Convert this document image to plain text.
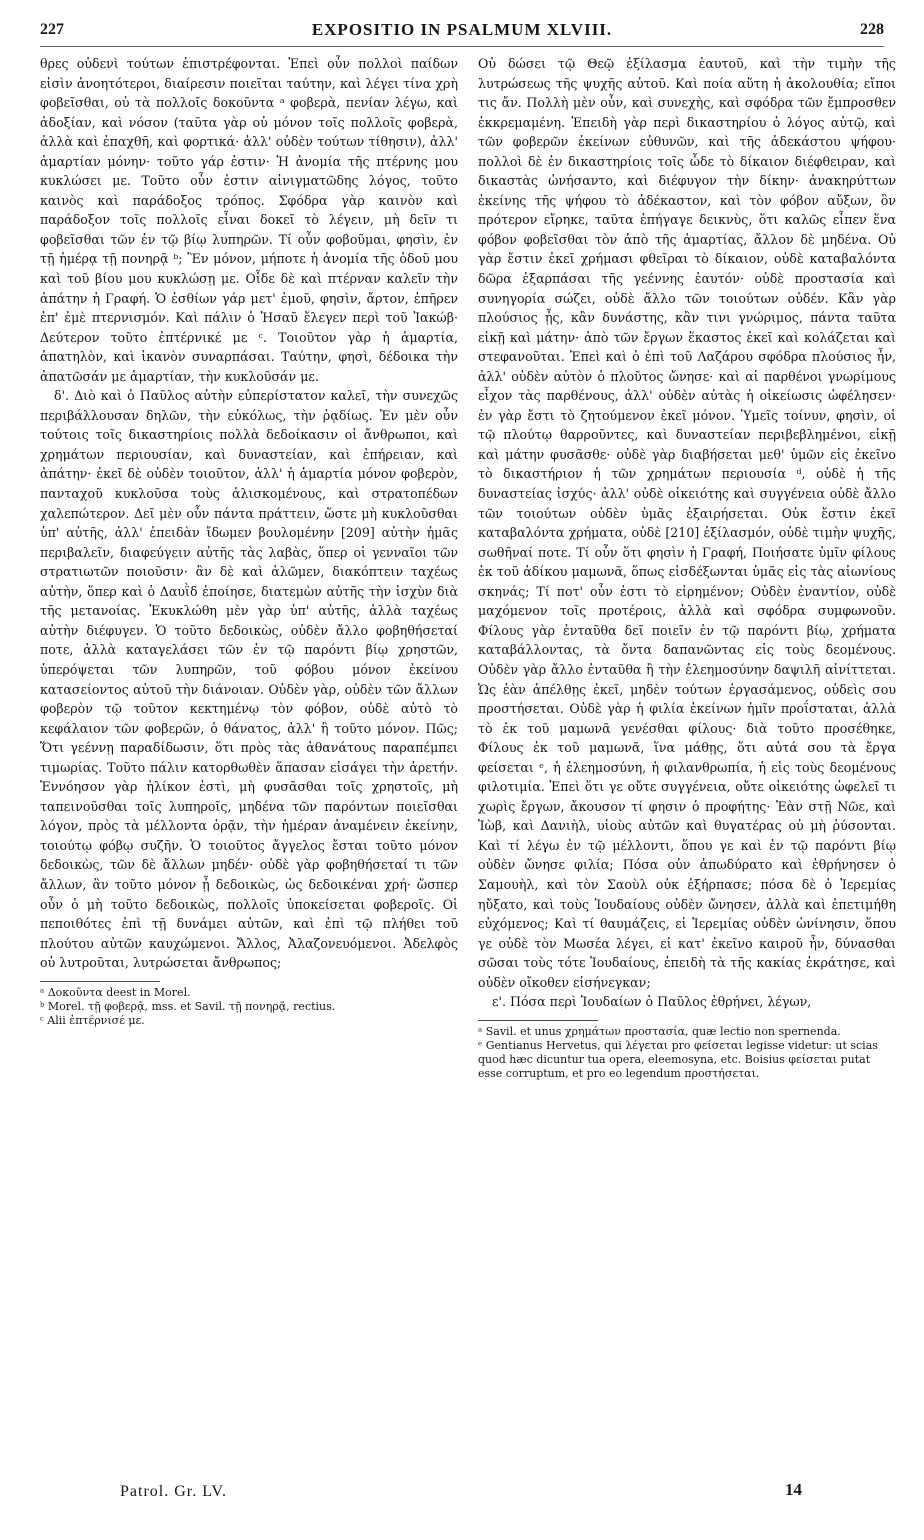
227	EXPOSITIO IN PSALMUM XLVIII.	228

θρες οὐδενὶ τούτων ἐπιστρέφονται. Ἐπεὶ οὖν πολλοὶ παίδων εἰσὶν ἀνοητότεροι, διαίρεσιν ποιεῖται ταύτην, καὶ λέγει τίνα χρὴ φοβεῖσθαι, οὐ τὰ πολλοῖς δοκοῦντα ᵃ φοβερὰ, πενίαν λέγω, καὶ ἀδοξίαν, καὶ νόσον (ταῦτα γὰρ οὐ μόνον τοῖς πολλοῖς φοβερὰ, ἀλλὰ καὶ ἐπαχθῆ, καὶ φορτικά· ἀλλ' οὐδὲν τούτων τίθησιν), ἀλλ' ἁμαρτίαν μόνην· τοῦτο γάρ ἐστιν· Ἡ ἀνομία τῆς πτέρνης μου κυκλώσει με. Τοῦτο οὖν ἐστιν αἰνιγματῶδης λόγος, τοῦτο καινὸς καὶ παράδοξος τρόπος. Σφόδρα γὰρ καινὸν καὶ παράδοξον τοῖς πολλοῖς εἶναι δοκεῖ τὸ λέγειν, μὴ δεῖν τι φοβεῖσθαι τῶν ἐν τῷ βίῳ λυπηρῶν. Τί οὖν φοβοῦμαι, φησὶν, ἐν τῇ ἡμέρᾳ τῇ πονηρᾷ ᵇ; Ἓν μόνον, μήποτε ἡ ἀνομία τῆς ὁδοῦ μου καὶ τοῦ βίου μου κυκλώσῃ με. Οἶδε δὲ καὶ πτέρναν καλεῖν τὴν ἀπάτην ἡ Γραφή. Ὁ ἐσθίων γάρ μετ' ἐμοῦ, φησὶν, ἄρτον, ἐπῆρεν ἐπ' ἐμὲ πτερνισμόν. Καὶ πάλιν ὁ Ἠσαῦ ἔλεγεν περὶ τοῦ Ἰακώβ· Δεύτερον τοῦτο ἐπτέρνικέ με ᶜ. Τοιοῦτον γὰρ ἡ ἁμαρτία, ἀπατηλὸν, καὶ ἱκανὸν συναρπάσαι. Ταύτην, φησὶ, δέδοικα τὴν ἀπατῶσάν με ἁμαρτίαν, τὴν κυκλοῦσάν με.

δ'. Διὸ καὶ ὁ Παῦλος αὐτὴν εὐπερίστατον καλεῖ, τὴν συνεχῶς περιβάλλουσαν δηλῶν, τὴν εὐκόλως, τὴν ῥᾳδίως. Ἐν μὲν οὖν τούτοις τοῖς δικαστηρίοις πολλὰ δεδοίκασιν οἱ ἄνθρωποι, καὶ χρημάτων περιουσίαν, καὶ δυναστείαν, καὶ ἐπήρειαν, καὶ ἀπάτην· ἐκεῖ δὲ οὐδὲν τοιοῦτον, ἀλλ' ἡ ἁμαρτία μόνον φοβερὸν, πανταχοῦ κυκλοῦσα τοὺς ἁλισκομένους, καὶ στρατοπέδων χαλεπώτερον. Δεῖ μὲν οὖν πάντα πράττειν, ὥστε μὴ κυκλοῦσθαι ὑπ' αὐτῆς, ἀλλ' ἐπειδὰν ἴδωμεν βουλομένην [209] αὐτὴν ἡμᾶς περιβαλεῖν, διαφεύγειν αὐτῆς τὰς λαβὰς, ὅπερ οἱ γενναῖοι τῶν στρατιωτῶν ποιοῦσιν· ἂν δὲ καὶ ἁλῶμεν, διακόπτειν ταχέως αὐτὴν, ὅπερ καὶ ὁ Δαυῒδ ἐποίησε, διατεμὼν αὐτῆς τὴν ἰσχὺν διὰ τῆς μετανοίας. Ἐκυκλώθη μὲν γὰρ ὑπ' αὐτῆς, ἀλλὰ ταχέως αὐτὴν διέφυγεν. Ὁ τοῦτο δεδοικὼς, οὐδὲν ἄλλο φοβηθήσεταί ποτε, ἀλλὰ καταγελάσει τῶν ἐν τῷ παρόντι βίῳ χρηστῶν, ὑπερόψεται τῶν λυπηρῶν, τοῦ φόβου μόνον ἐκείνου κατασείοντος αὐτοῦ τὴν διάνοιαν. Οὐδὲν γὰρ, οὐδὲν τῶν ἄλλων φοβερὸν τῷ τοῦτον κεκτημένῳ τὸν φόβον, οὐδὲ αὐτὸ τὸ κεφάλαιον τῶν φοβερῶν, ὁ θάνατος, ἀλλ' ἢ τοῦτο μόνον. Πῶς; Ὅτι γεέννῃ παραδίδωσιν, ὅτι πρὸς τὰς ἀθανάτους παραπέμπει τιμωρίας. Τοῦτο πάλιν κατορθωθὲν ἅπασαν εἰσάγει τὴν ἀρετήν. Ἐννόησον γὰρ ἡλίκον ἐστὶ, μὴ φυσᾶσθαι τοῖς χρηστοῖς, μὴ ταπεινοῦσθαι τοῖς λυπηροῖς, μηδένα τῶν παρόντων ποιεῖσθαι λόγον, πρὸς τὰ μέλλοντα ὁρᾷν, τὴν ἡμέραν ἀναμένειν ἐκείνην, τοιούτῳ φόβῳ συζῆν. Ὁ τοιοῦτος ἄγγελος ἔσται τοῦτο μόνον δεδοικὼς, τῶν δὲ ἄλλων μηδέν· οὐδὲ γὰρ φοβηθήσεταί τι τῶν ἄλλων, ἂν τοῦτο μόνον ᾖ δεδοικὼς, ὡς δεδοικέναι χρή· ὥσπερ οὖν ὁ μὴ τοῦτο δεδοικὼς, πολλοῖς ὑποκείσεται φοβεροῖς. Οἱ πεποιθότες ἐπὶ τῇ δυνάμει αὐτῶν, καὶ ἐπὶ τῷ πλήθει τοῦ πλούτου αὐτῶν καυχώμενοι. Ἄλλος, Ἀλαζονευόμενοι. Ἀδελφὸς οὐ λυτροῦται, λυτρώσεται ἄνθρωπος;

ᵃ Δοκοῦντα deest in Morel.
ᵇ Morel. τῇ φοβερᾷ, mss. et Savil. τῇ πονηρᾷ, rectius.
ᶜ Alii ἐπτέρνισέ με.

Οὐ δώσει τῷ Θεῷ ἐξίλασμα ἑαυτοῦ, καὶ τὴν τιμὴν τῆς λυτρώσεως τῆς ψυχῆς αὐτοῦ. Καὶ ποία αὕτη ἡ ἀκολουθία; εἴποι τις ἄν. Πολλὴ μὲν οὖν, καὶ συνεχὴς, καὶ σφόδρα τῶν ἔμπροσθεν ἐκκρεμαμένη. Ἐπειδὴ γὰρ περὶ δικαστηρίου ὁ λόγος αὐτῷ, καὶ τῶν φοβερῶν ἐκείνων εὐθυνῶν, καὶ τῆς ἀδεκάστου ψήφου· πολλοὶ δὲ ἐν δικαστηρίοις τοῖς ὧδε τὸ δίκαιον διέφθειραν, καὶ δικαστὰς ὠνήσαντο, καὶ διέφυγον τὴν δίκην· ἀνακηρύττων ἐκείνης τῆς ψήφου τὸ ἀδέκαστον, καὶ τὸν φόβον αὔξων, ὃν πρότερον εἴρηκε, ταῦτα ἐπήγαγε δεικνὺς, ὅτι καλῶς εἶπεν ἕνα φόβον φοβεῖσθαι τὸν ἀπὸ τῆς ἁμαρτίας, ἄλλον δὲ μηδένα. Οὐ γὰρ ἔστιν ἐκεῖ χρήμασι φθεῖραι τὸ δίκαιον, οὐδὲ καταβαλόντα δῶρα ἐξαρπάσαι τῆς γεέννης ἑαυτόν· οὐδὲ προστασία καὶ συνηγορία σώζει, οὐδὲ ἄλλο τῶν τοιούτων οὐδέν. Κἂν γὰρ πλούσιος ᾖς, κἂν δυνάστης, κἂν τινι γνώριμος, πάντα ταῦτα εἰκῇ καὶ μάτην· ἀπὸ τῶν ἔργων ἕκαστος ἐκεῖ καὶ κολάζεται καὶ στεφανοῦται. Ἐπεὶ καὶ ὁ ἐπὶ τοῦ Λαζάρου σφόδρα πλούσιος ἦν, ἀλλ' οὐδὲν αὐτὸν ὁ πλοῦτος ὤνησε· καὶ αἱ παρθένοι γνωρίμους εἶχον τὰς παρθένους, ἀλλ' οὐδὲν αὐτὰς ἡ οἰκείωσις ὠφέλησεν· ἐν γὰρ ἔστι τὸ ζητούμενον ἐκεῖ μόνον. Ὑμεῖς τοίνυν, φησὶν, οἱ τῷ πλούτῳ θαρροῦντες, καὶ δυναστείαν περιβεβλημένοι, εἰκῇ καὶ μάτην φυσᾶσθε· οὐδὲ γὰρ διαβήσεται μεθ' ὑμῶν εἰς ἐκεῖνο τὸ δικαστήριον ἡ τῶν χρημάτων περιουσία ᵈ, οὐδὲ ἡ τῆς δυναστείας ἰσχύς· ἀλλ' οὐδὲ οἰκειότης καὶ συγγένεια οὐδὲ ἄλλο τῶν τοιούτων οὐδὲν ὑμᾶς ἐξαιρήσεται. Οὐκ ἔστιν ἐκεῖ καταβαλόντα χρήματα, οὐδὲ [210] ἐξίλασμόν, οὐδὲ τιμὴν ψυχῆς, σωθῆναί ποτε. Τί οὖν ὅτι φησὶν ἡ Γραφή, Ποιήσατε ὑμῖν φίλους ἐκ τοῦ ἀδίκου μαμωνᾶ, ὅπως εἰσδέξωνται ὑμᾶς εἰς τὰς αἰωνίους σκηνάς; Τί ποτ' οὖν ἐστι τὸ εἰρημένον; Οὐδὲν ἐναντίον, οὐδὲ μαχόμενον τοῖς προτέροις, ἀλλὰ καὶ σφόδρα συμφωνοῦν. Φίλους γὰρ ἐνταῦθα δεῖ ποιεῖν ἐν τῷ παρόντι βίῳ, χρήματα καταβάλλοντας, τὰ ὄντα δαπανῶντας εἰς τοὺς δεομένους. Οὐδὲν γὰρ ἄλλο ἐνταῦθα ἢ τὴν ἐλεημοσύνην δαψιλῆ αἰνίττεται. Ὡς ἐὰν ἀπέλθῃς ἐκεῖ, μηδὲν τούτων ἐργασάμενος, οὐδεὶς σου προστήσεται. Οὐδὲ γὰρ ἡ φιλία ἐκείνων ἡμῖν προΐσταται, ἀλλὰ τὸ ἐκ τοῦ μαμωνᾶ γενέσθαι φίλους· διὰ τοῦτο προσέθηκε, Φίλους ἐκ τοῦ μαμωνᾶ, ἵνα μάθῃς, ὅτι αὐτά σου τὰ ἔργα φείσεται ᵉ, ἡ ἐλεημοσύνη, ἡ φιλανθρωπία, ἡ εἰς τοὺς δεομένους φιλοτιμία. Ἐπεὶ ὅτι γε οὔτε συγγένεια, οὔτε οἰκειότης ὠφελεῖ τι χωρὶς ἔργων, ἄκουσον τί φησιν ὁ προφήτης· Ἐὰν στῇ Νῶε, καὶ Ἰὼβ, καὶ Δανιὴλ, υἱοὺς αὐτῶν καὶ θυγατέρας οὐ μὴ ῥύσονται. Καὶ τί λέγω ἐν τῷ μέλλοντι, ὅπου γε καὶ ἐν τῷ παρόντι βίῳ οὐδὲν ὤνησε φιλία; Πόσα οὐν ἀπωδύρατο καὶ ἐθρήνησεν ὁ Σαμουὴλ, καὶ τὸν Σαοὺλ οὐκ ἐξήρπασε; πόσα δὲ ὁ Ἱερεμίας ηὔξατο, καὶ τοὺς Ἰουδαίους οὐδὲν ὤνησεν, ἀλλὰ καὶ ἐπετιμήθη εὐχόμενος; Καὶ τί θαυμάζεις, εἰ Ἱερεμίας οὐδὲν ὠνίνησιν, ὅπου γε οὐδὲ τὸν Μωσέα λέγει, εἰ κατ' ἐκεῖνο καιροῦ ἦν, δύνασθαι σῶσαι τοὺς τότε Ἰουδαίους, ἐπειδὴ τὰ τῆς κακίας ἐκράτησε, καὶ οὐδὲν οἴκοθεν εἰσήνεγκαν;

ε'. Πόσα περὶ Ἰουδαίων ὁ Παῦλος ἐθρήνει, λέγων,

ᵃ Savil. et unus χρημάτων προστασία, quæ lectio non spernenda.
ᵉ Gentianus Hervetus, qui λέγεται pro φείσεται legisse videtur: ut scias quod hæc dicuntur tua opera, eleemosyna, etc. Boisius φείσεται putat esse corruptum, et pro eo legendum προστήσεται.
Patrol. Gr. LV.	14
